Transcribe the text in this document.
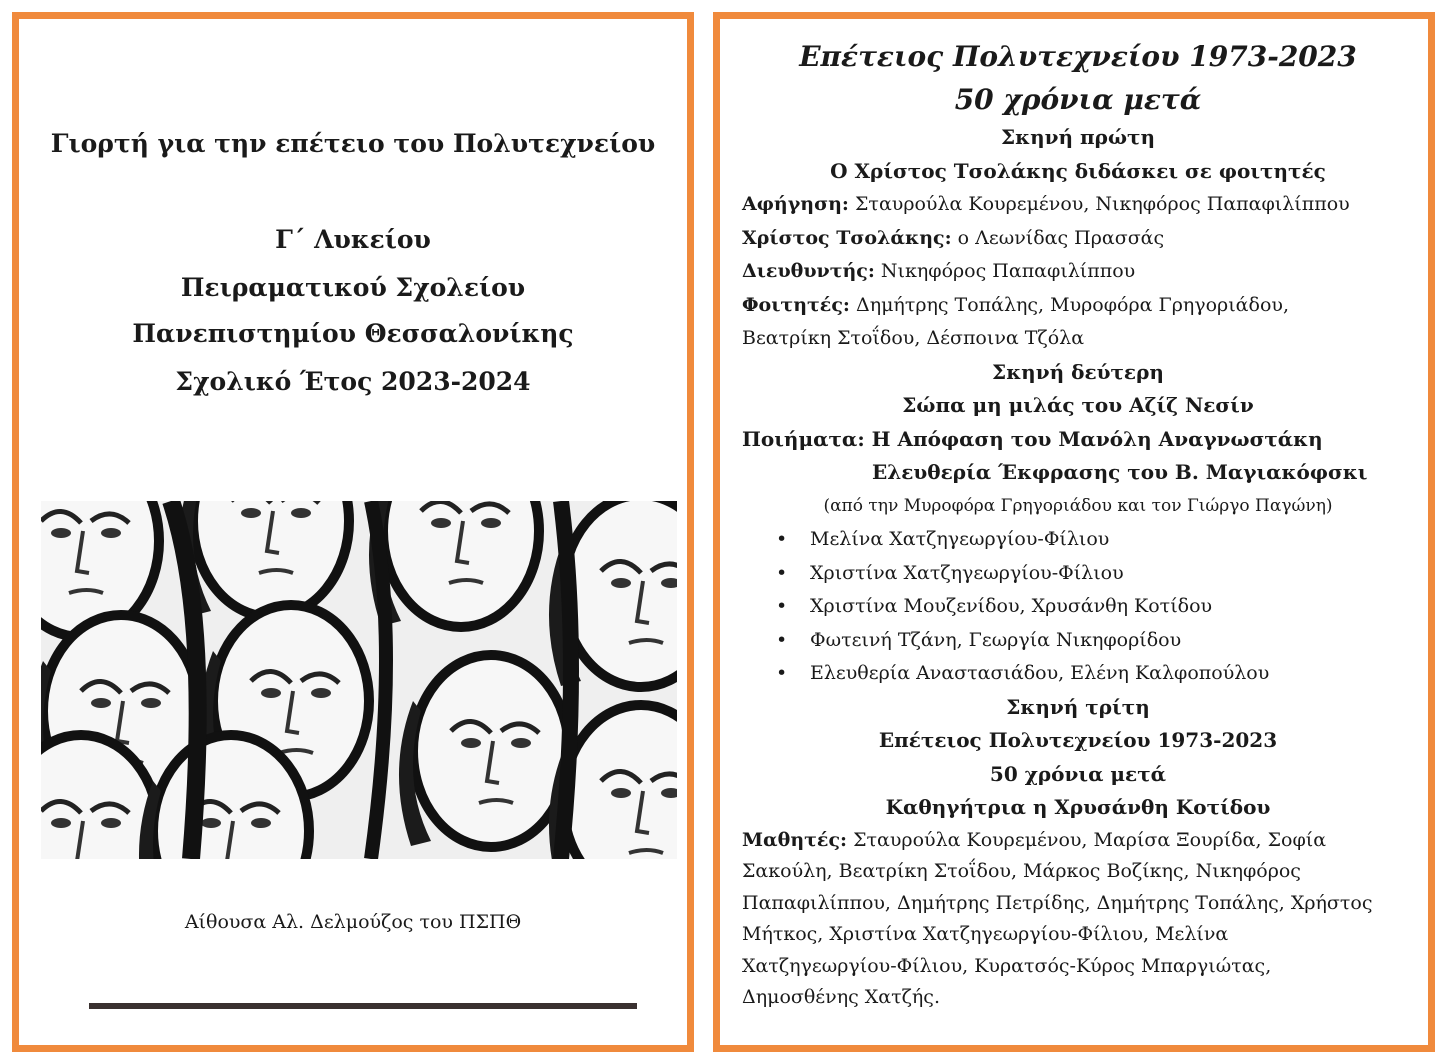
Γιορτή για την επέτειο του Πολυτεχνείου
Γ΄ Λυκείου
Πειραματικού Σχολείου
Πανεπιστημίου Θεσσαλονίκης
Σχολικό Έτος 2023-2024
Αίθουσα Αλ. Δελμούζος του ΠΣΠΘ
Επέτειος Πολυτεχνείου 1973-2023
50 χρόνια μετά
Σκηνή πρώτη
Ο Χρίστος Τσολάκης διδάσκει σε φοιτητές
Αφήγηση: Σταυρούλα Κουρεμένου, Νικηφόρος Παπαφιλίππου
Χρίστος Τσολάκης: ο Λεωνίδας Πρασσάς
Διευθυντής: Νικηφόρος Παπαφιλίππου
Φοιτητές: Δημήτρης Τοπάλης, Μυροφόρα Γρηγοριάδου,
Βεατρίκη Στοΐδου, Δέσποινα Τζόλα
Σκηνή δεύτερη
Σώπα μη μιλάς του Αζίζ Νεσίν
Ποιήματα: Η Απόφαση του Μανόλη Αναγνωστάκη
Ελευθερία Έκφρασης του Β. Μαγιακόφσκι
(από την Μυροφόρα Γρηγοριάδου και τον Γιώργο Παγώνη)
• Μελίνα Χατζηγεωργίου-Φίλιου
• Χριστίνα Χατζηγεωργίου-Φίλιου
• Χριστίνα Μουζενίδου, Χρυσάνθη Κοτίδου
• Φωτεινή Τζάνη, Γεωργία Νικηφορίδου
• Ελευθερία Αναστασιάδου, Ελένη Καλφοπούλου
Σκηνή τρίτη
Επέτειος Πολυτεχνείου 1973-2023
50 χρόνια μετά
Καθηγήτρια η Χρυσάνθη Κοτίδου
Μαθητές: Σταυρούλα Κουρεμένου, Μαρίσα Ξουρίδα, Σοφία
Σακούλη, Βεατρίκη Στοΐδου, Μάρκος Βοζίκης, Νικηφόρος
Παπαφιλίππου, Δημήτρης Πετρίδης, Δημήτρης Τοπάλης, Χρήστος
Μήτκος, Χριστίνα Χατζηγεωργίου-Φίλιου, Μελίνα
Χατζηγεωργίου-Φίλιου, Κυρατσός-Κύρος Μπαργιώτας,
Δημοσθένης Χατζής.
